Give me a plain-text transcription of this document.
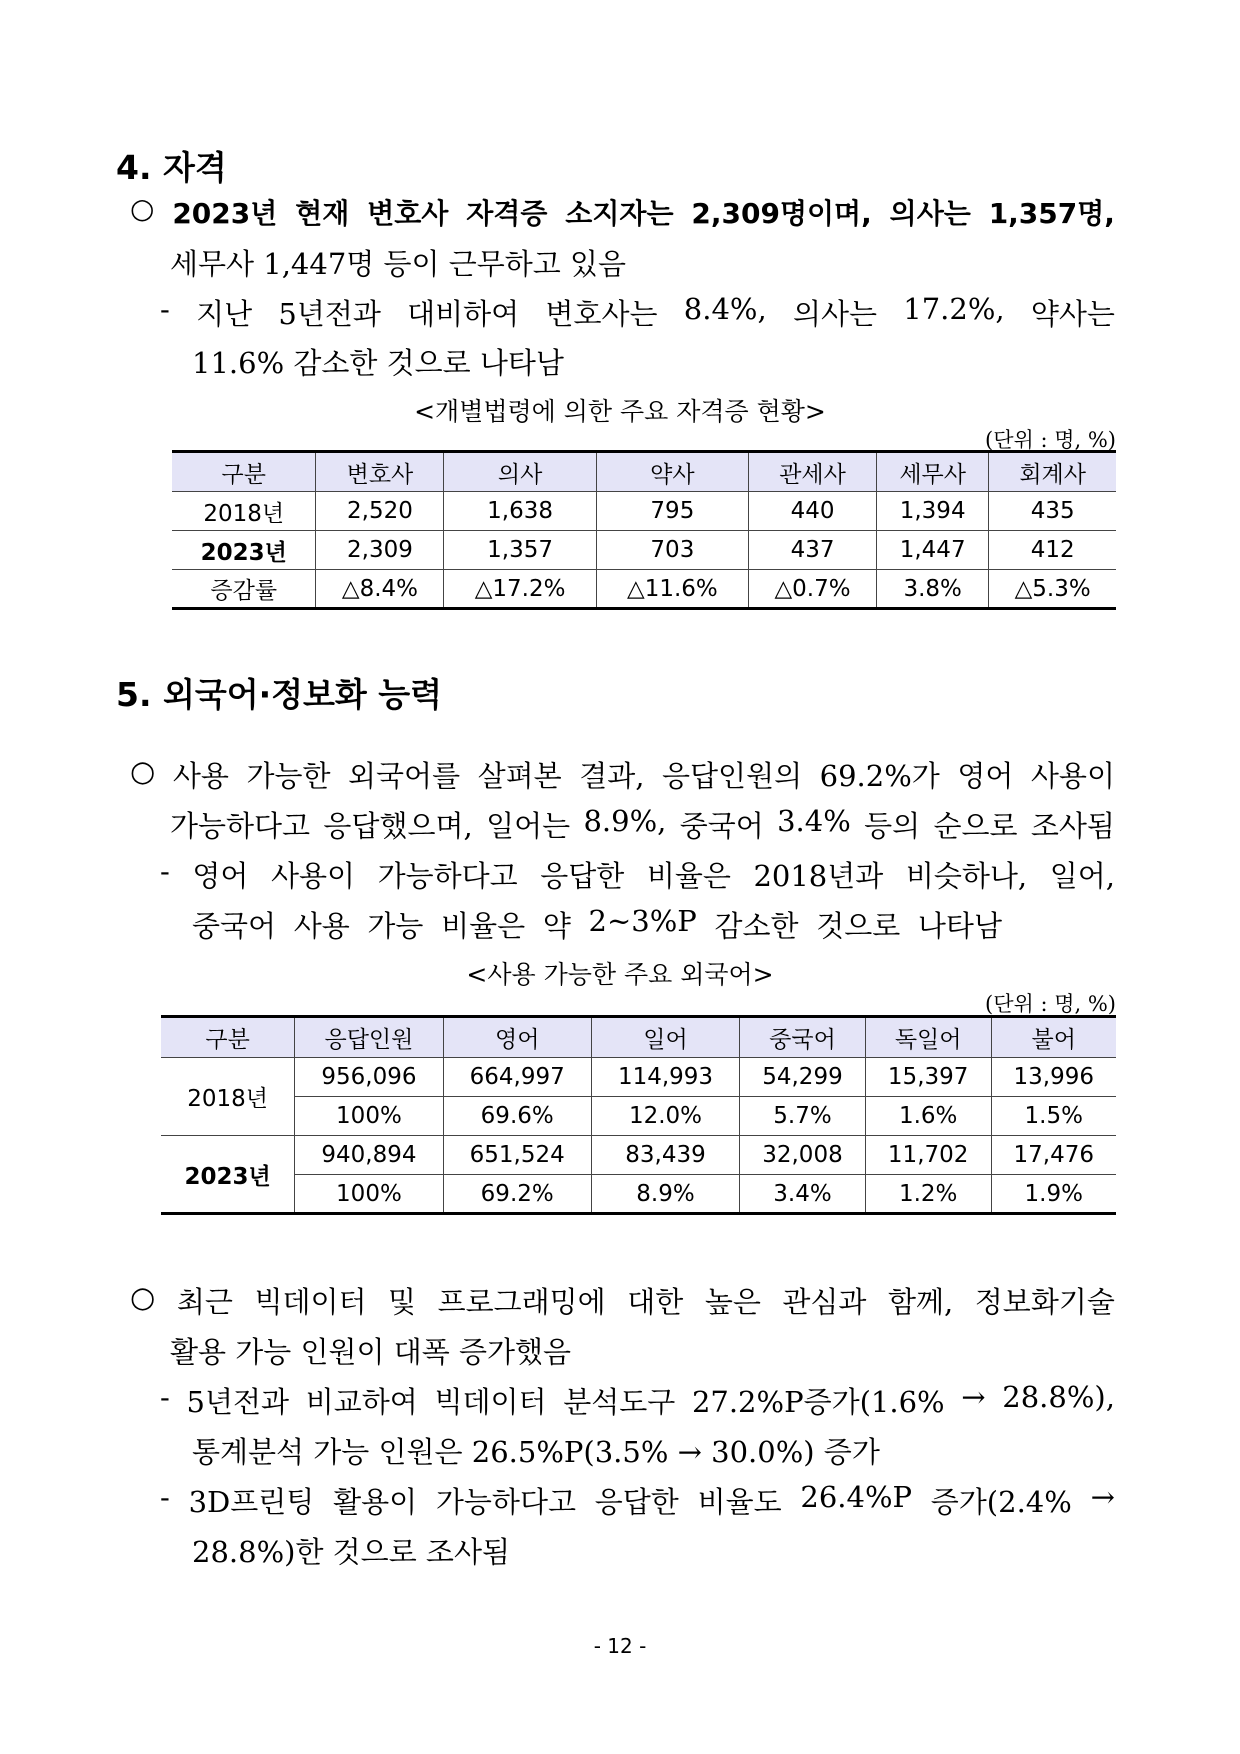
4. 자격
○ 2023년 현재 변호사 자격증 소지자는 2,309명이며, 의사는 1,357명,
세무사 1,447명 등이 근무하고 있음
- 지난 5년전과 대비하여 변호사는 8.4%, 의사는 17.2%, 약사는
11.6% 감소한 것으로 나타남
<개별법령에 의한 주요 자격증 현황>
(단위 : 명, %)
구분	변호사	의사	약사	관세사	세무사	회계사
2018년	2,520	1,638	795	440	1,394	435
2023년	2,309	1,357	703	437	1,447	412
증감률	△8.4%	△17.2%	△11.6%	△0.7%	3.8%	△5.3%
5. 외국어·정보화 능력
○ 사용 가능한 외국어를 살펴본 결과, 응답인원의 69.2%가 영어 사용이
가능하다고 응답했으며, 일어는 8.9%, 중국어 3.4% 등의 순으로 조사됨
- 영어 사용이 가능하다고 응답한 비율은 2018년과 비슷하나, 일어,
중국어 사용 가능 비율은 약 2~3%P 감소한 것으로 나타남
<사용 가능한 주요 외국어>
(단위 : 명, %)
구분	응답인원	영어	일어	중국어	독일어	불어
2018년	956,096	664,997	114,993	54,299	15,397	13,996
	100%	69.6%	12.0%	5.7%	1.6%	1.5%
2023년	940,894	651,524	83,439	32,008	11,702	17,476
	100%	69.2%	8.9%	3.4%	1.2%	1.9%
○ 최근 빅데이터 및 프로그래밍에 대한 높은 관심과 함께, 정보화기술
활용 가능 인원이 대폭 증가했음
- 5년전과 비교하여 빅데이터 분석도구 27.2%P증가(1.6% → 28.8%),
통계분석 가능 인원은 26.5%P(3.5% → 30.0%) 증가
- 3D프린팅 활용이 가능하다고 응답한 비율도 26.4%P 증가(2.4% →
28.8%)한 것으로 조사됨
- 12 -
